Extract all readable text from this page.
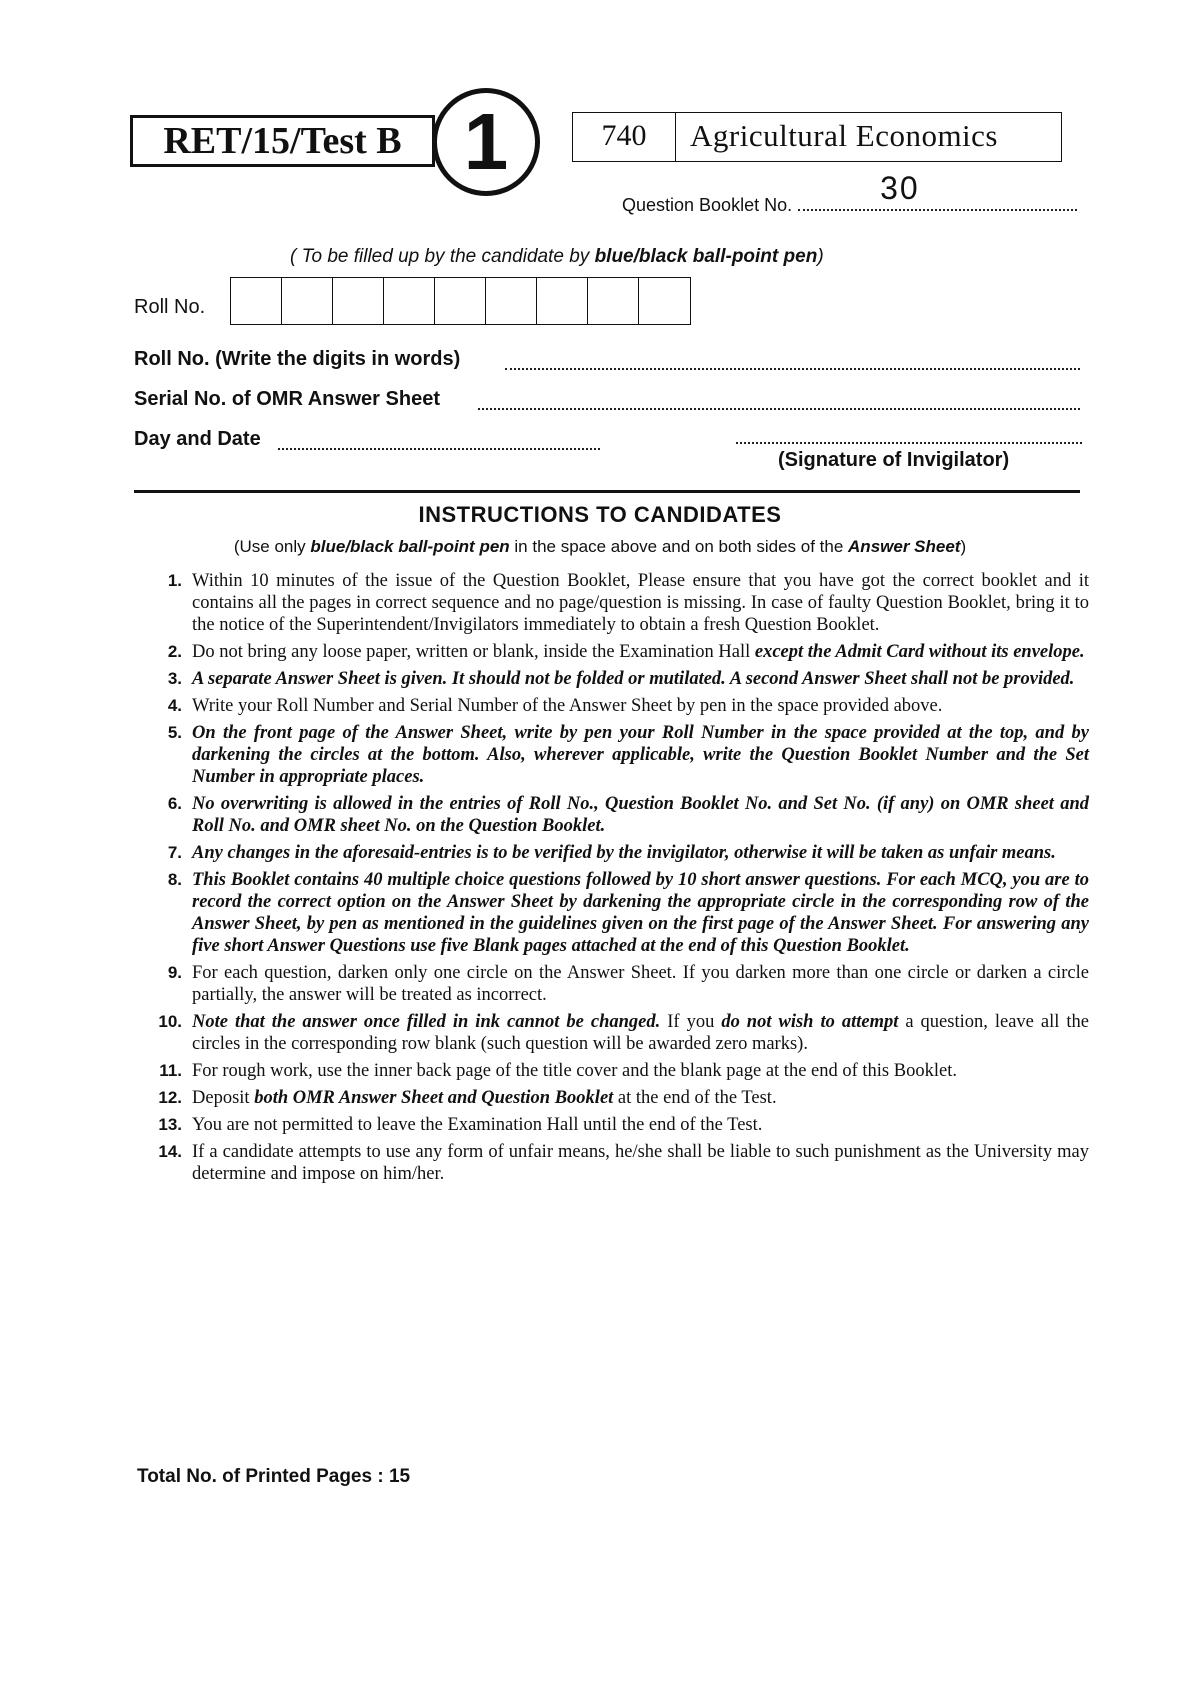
RET/15/Test B 1	740	Agricultural Economics
Question Booklet No.	30
( To be filled up by the candidate by blue/black ball-point pen)
Roll No.
Roll No. (Write the digits in words)
Serial No. of OMR Answer Sheet
Day and Date
(Signature of Invigilator)
INSTRUCTIONS TO CANDIDATES
(Use only blue/black ball-point pen in the space above and on both sides of the Answer Sheet)
1. Within 10 minutes of the issue of the Question Booklet, Please ensure that you have got the correct booklet and it contains all the pages in correct sequence and no page/question is missing. In case of faulty Question Booklet, bring it to the notice of the Superintendent/Invigilators immediately to obtain a fresh Question Booklet.
2. Do not bring any loose paper, written or blank, inside the Examination Hall except the Admit Card without its envelope.
3. A separate Answer Sheet is given. It should not be folded or mutilated. A second Answer Sheet shall not be provided.
4. Write your Roll Number and Serial Number of the Answer Sheet by pen in the space provided above.
5. On the front page of the Answer Sheet, write by pen your Roll Number in the space provided at the top, and by darkening the circles at the bottom. Also, wherever applicable, write the Question Booklet Number and the Set Number in appropriate places.
6. No overwriting is allowed in the entries of Roll No., Question Booklet No. and Set No. (if any) on OMR sheet and Roll No. and OMR sheet No. on the Question Booklet.
7. Any changes in the aforesaid-entries is to be verified by the invigilator, otherwise it will be taken as unfair means.
8. This Booklet contains 40 multiple choice questions followed by 10 short answer questions. For each MCQ, you are to record the correct option on the Answer Sheet by darkening the appropriate circle in the corresponding row of the Answer Sheet, by pen as mentioned in the guidelines given on the first page of the Answer Sheet. For answering any five short Answer Questions use five Blank pages attached at the end of this Question Booklet.
9. For each question, darken only one circle on the Answer Sheet. If you darken more than one circle or darken a circle partially, the answer will be treated as incorrect.
10. Note that the answer once filled in ink cannot be changed. If you do not wish to attempt a question, leave all the circles in the corresponding row blank (such question will be awarded zero marks).
11. For rough work, use the inner back page of the title cover and the blank page at the end of this Booklet.
12. Deposit both OMR Answer Sheet and Question Booklet at the end of the Test.
13. You are not permitted to leave the Examination Hall until the end of the Test.
14. If a candidate attempts to use any form of unfair means, he/she shall be liable to such punishment as the University may determine and impose on him/her.
Total No. of Printed Pages : 15
